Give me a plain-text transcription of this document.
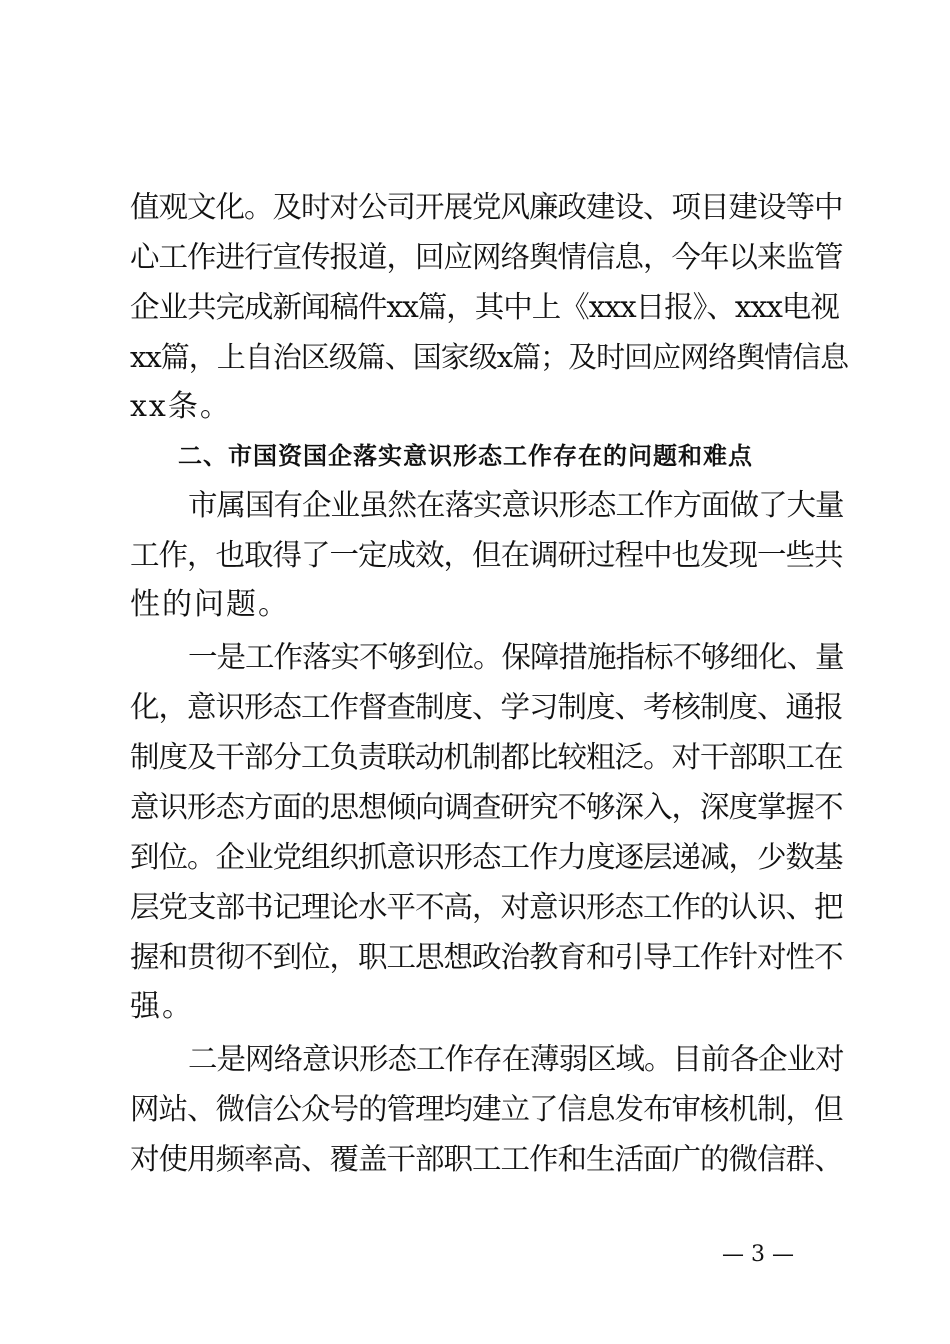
值观文化。及时对公司开展党风廉政建设、项目建设等中
心工作进行宣传报道，回应网络舆情信息，今年以来监管
企业共完成新闻稿件xx篇，其中上《xxx日报》、xxx电视
xx篇，上自治区级篇、国家级x篇；及时回应网络舆情信息
xx条。
二、市国资国企落实意识形态工作存在的问题和难点
市属国有企业虽然在落实意识形态工作方面做了大量
工作，也取得了一定成效，但在调研过程中也发现一些共
性的问题。
一是工作落实不够到位。保障措施指标不够细化、量
化，意识形态工作督查制度、学习制度、考核制度、通报
制度及干部分工负责联动机制都比较粗泛。对干部职工在
意识形态方面的思想倾向调查研究不够深入，深度掌握不
到位。企业党组织抓意识形态工作力度逐层递减，少数基
层党支部书记理论水平不高，对意识形态工作的认识、把
握和贯彻不到位，职工思想政治教育和引导工作针对性不
强。
二是网络意识形态工作存在薄弱区域。目前各企业对
网站、微信公众号的管理均建立了信息发布审核机制，但
对使用频率高、覆盖干部职工工作和生活面广的微信群、
— 3 —
